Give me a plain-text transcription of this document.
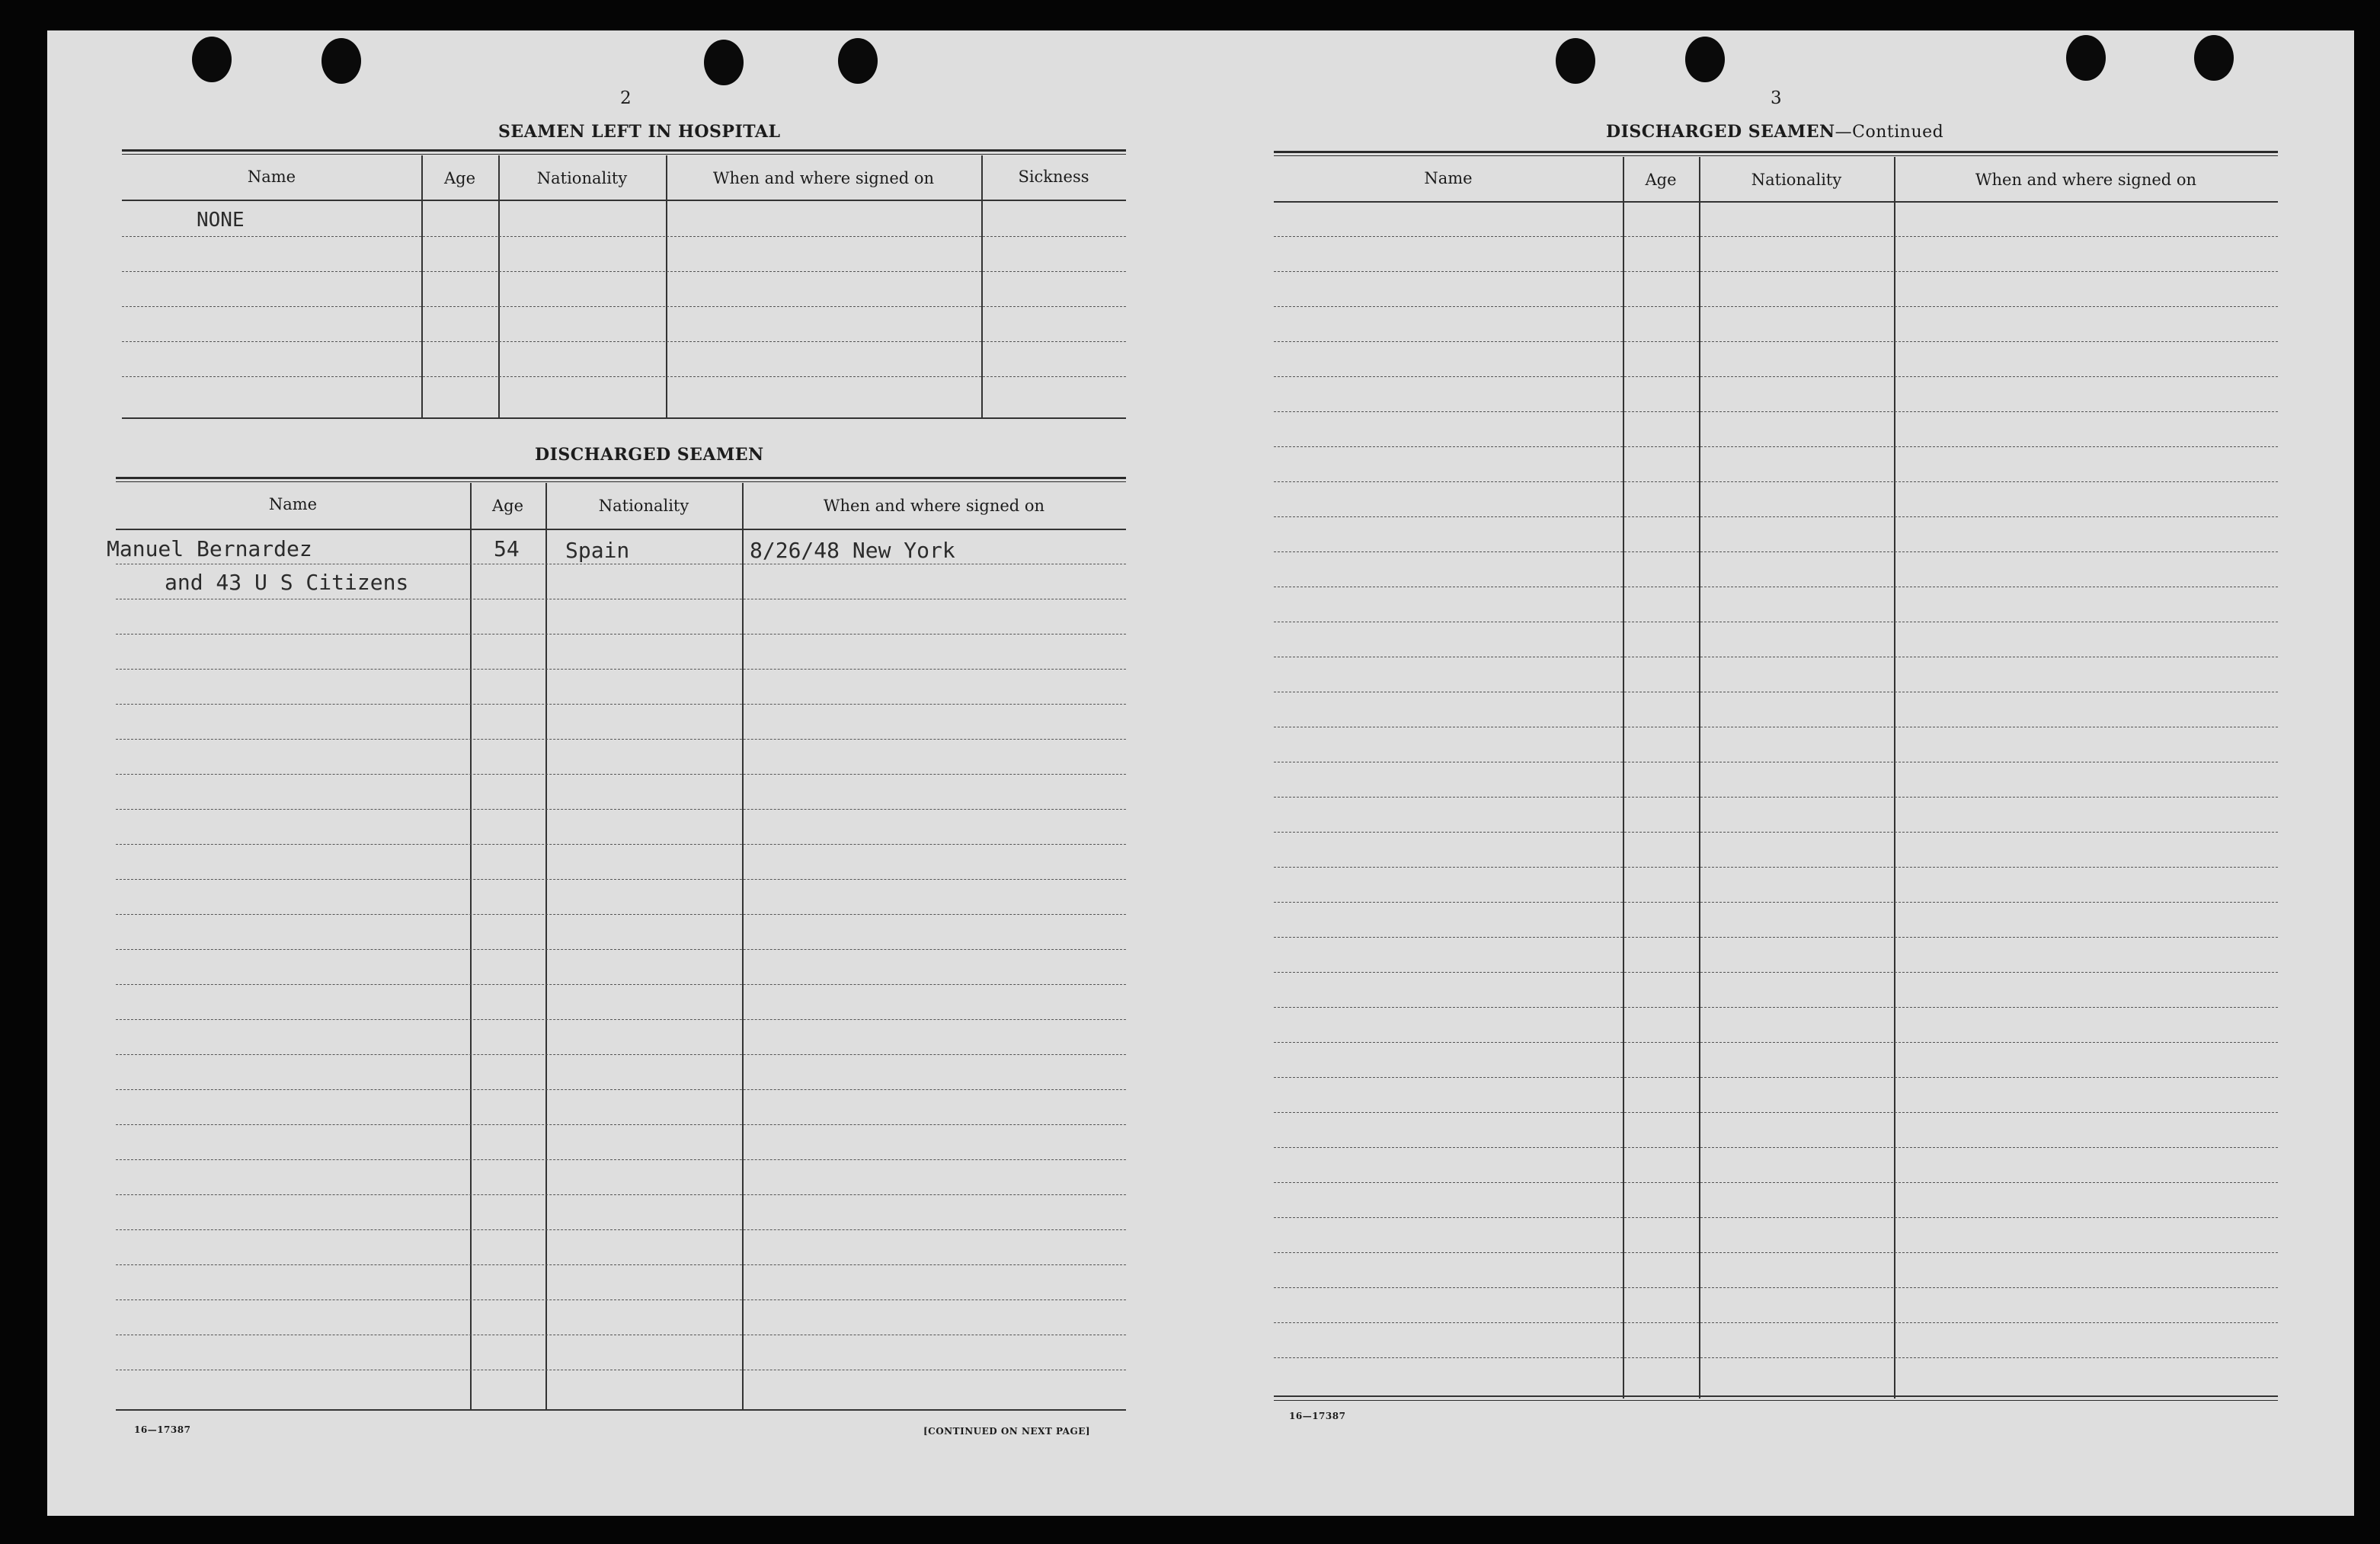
2
SEAMEN LEFT IN HOSPITAL
Name	Age	Nationality	When and where signed on	Sickness
NONE
DISCHARGED SEAMEN
Name	Age	Nationality	When and where signed on
Manuel Bernardez	54 Spain	8/26/48 New York
and 43 U S Citizens
16—17387	[CONTINUED ON NEXT PAGE]
3
DISCHARGED SEAMEN—Continued
Name	Age	Nationality	When and where signed on
16—17387
